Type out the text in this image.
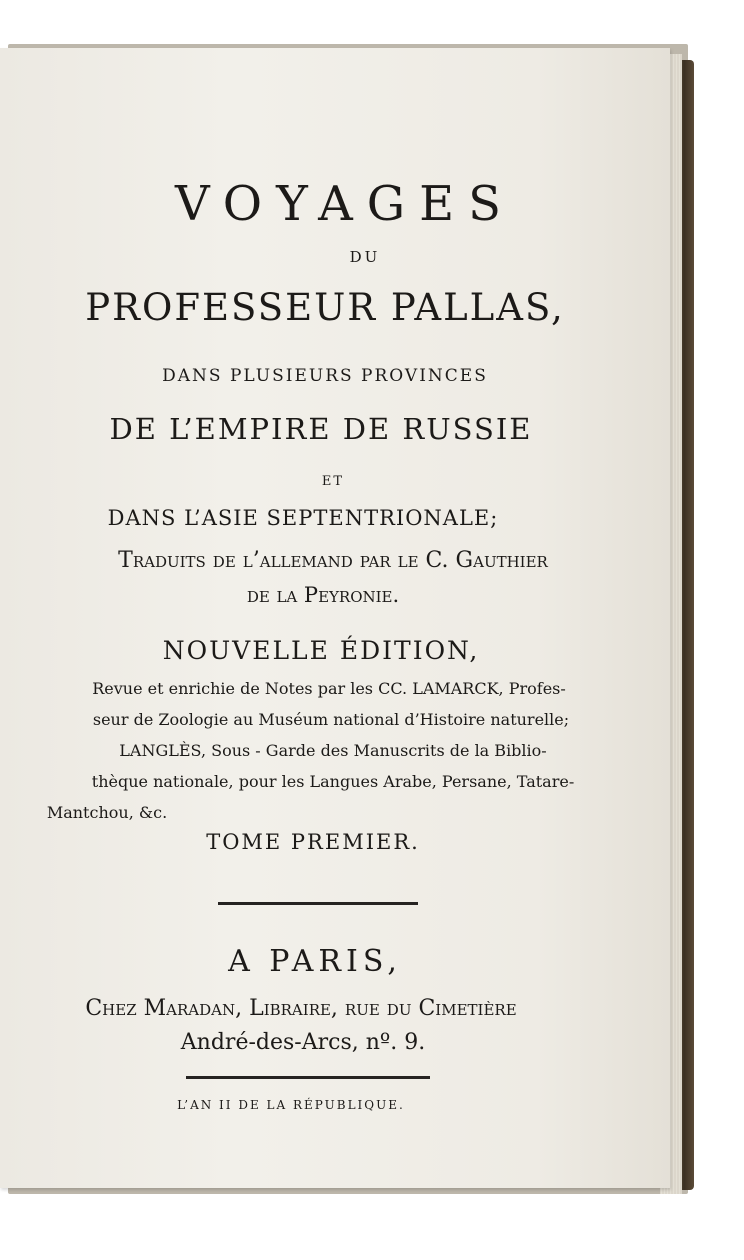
VOYAGES
DU
PROFESSEUR PALLAS,
DANS PLUSIEURS PROVINCES
DE L’EMPIRE DE RUSSIE
ET
DANS L’ASIE SEPTENTRIONALE;
Traduits de l’allemand par le C. Gauthier
de la Peyronie.
NOUVELLE ÉDITION,
Revue et enrichie de Notes par les CC. LAMARCK, Profes-
seur de Zoologie au Muséum national d’Histoire naturelle;
LANGLÈS, Sous - Garde des Manuscrits de la Biblio-
thèque nationale, pour les Langues Arabe, Persane, Tatare-
Mantchou, &c.
TOME PREMIER.
A PARIS,
Chez Maradan, Libraire, rue du Cimetière
André-des-Arcs, nº. 9.
L’AN II DE LA RÉPUBLIQUE.
